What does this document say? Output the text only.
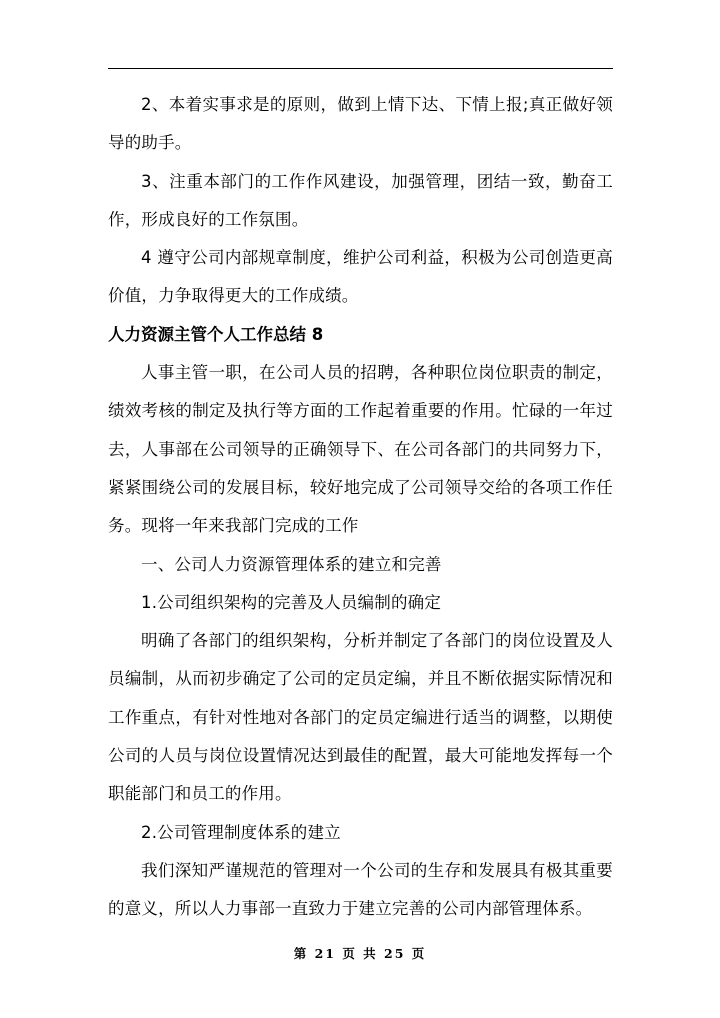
2、本着实事求是的原则，做到上情下达、下情上报;真正做好领导的助手。

3、注重本部门的工作作风建设，加强管理，团结一致，勤奋工作，形成良好的工作氛围。

4 遵守公司内部规章制度，维护公司利益，积极为公司创造更高价值，力争取得更大的工作成绩。

人力资源主管个人工作总结 8

人事主管一职，在公司人员的招聘，各种职位岗位职责的制定，绩效考核的制定及执行等方面的工作起着重要的作用。忙碌的一年过去，人事部在公司领导的正确领导下、在公司各部门的共同努力下，紧紧围绕公司的发展目标，较好地完成了公司领导交给的各项工作任务。现将一年来我部门完成的工作

一、公司人力资源管理体系的建立和完善

1.公司组织架构的完善及人员编制的确定

明确了各部门的组织架构，分析并制定了各部门的岗位设置及人员编制，从而初步确定了公司的定员定编，并且不断依据实际情况和工作重点，有针对性地对各部门的定员定编进行适当的调整，以期使公司的人员与岗位设置情况达到最佳的配置，最大可能地发挥每一个职能部门和员工的作用。

2.公司管理制度体系的建立

我们深知严谨规范的管理对一个公司的生存和发展具有极其重要的意义，所以人力事部一直致力于建立完善的公司内部管理体系。

第 21 页 共 25 页
